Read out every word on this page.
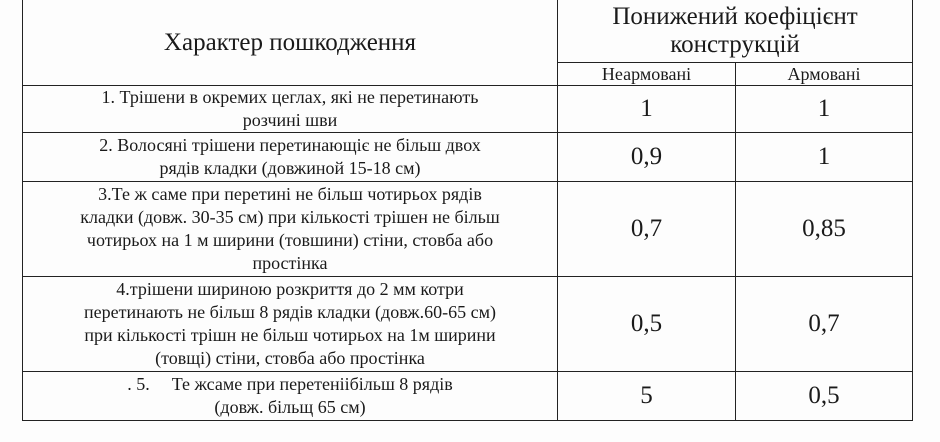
Характер пошкодження	Понижений коефіцієнт
конструкцій	

	Неармовані	Армовані

1. Трішени в окремих цеглах, які не перетинають
розчині шви	1	1

2. Волосяні трішени перетинающіє не більш двох
рядів кладки (довжиной 15-18 см)	0,9	1

3.Те ж саме при перетині не більш чотирьох рядів
кладки (довж. 30-35 см) при кількості трішен не більш
чотирьох на 1 м ширини (товшини) стіни, стовба або
простінка	0,7	0,85

4.трішени шириною розкриття до 2 мм котри
перетинають не більш 8 рядів кладки (довж.60-65 см)
при кількості трішн не більш чотирьох на 1м ширини
(товщі) стіни, стовба або простінка	0,5	0,7

. 5. Те жсаме при перетеніiбільш 8 рядів
(довж. більщ 65 см)	5	0,5
